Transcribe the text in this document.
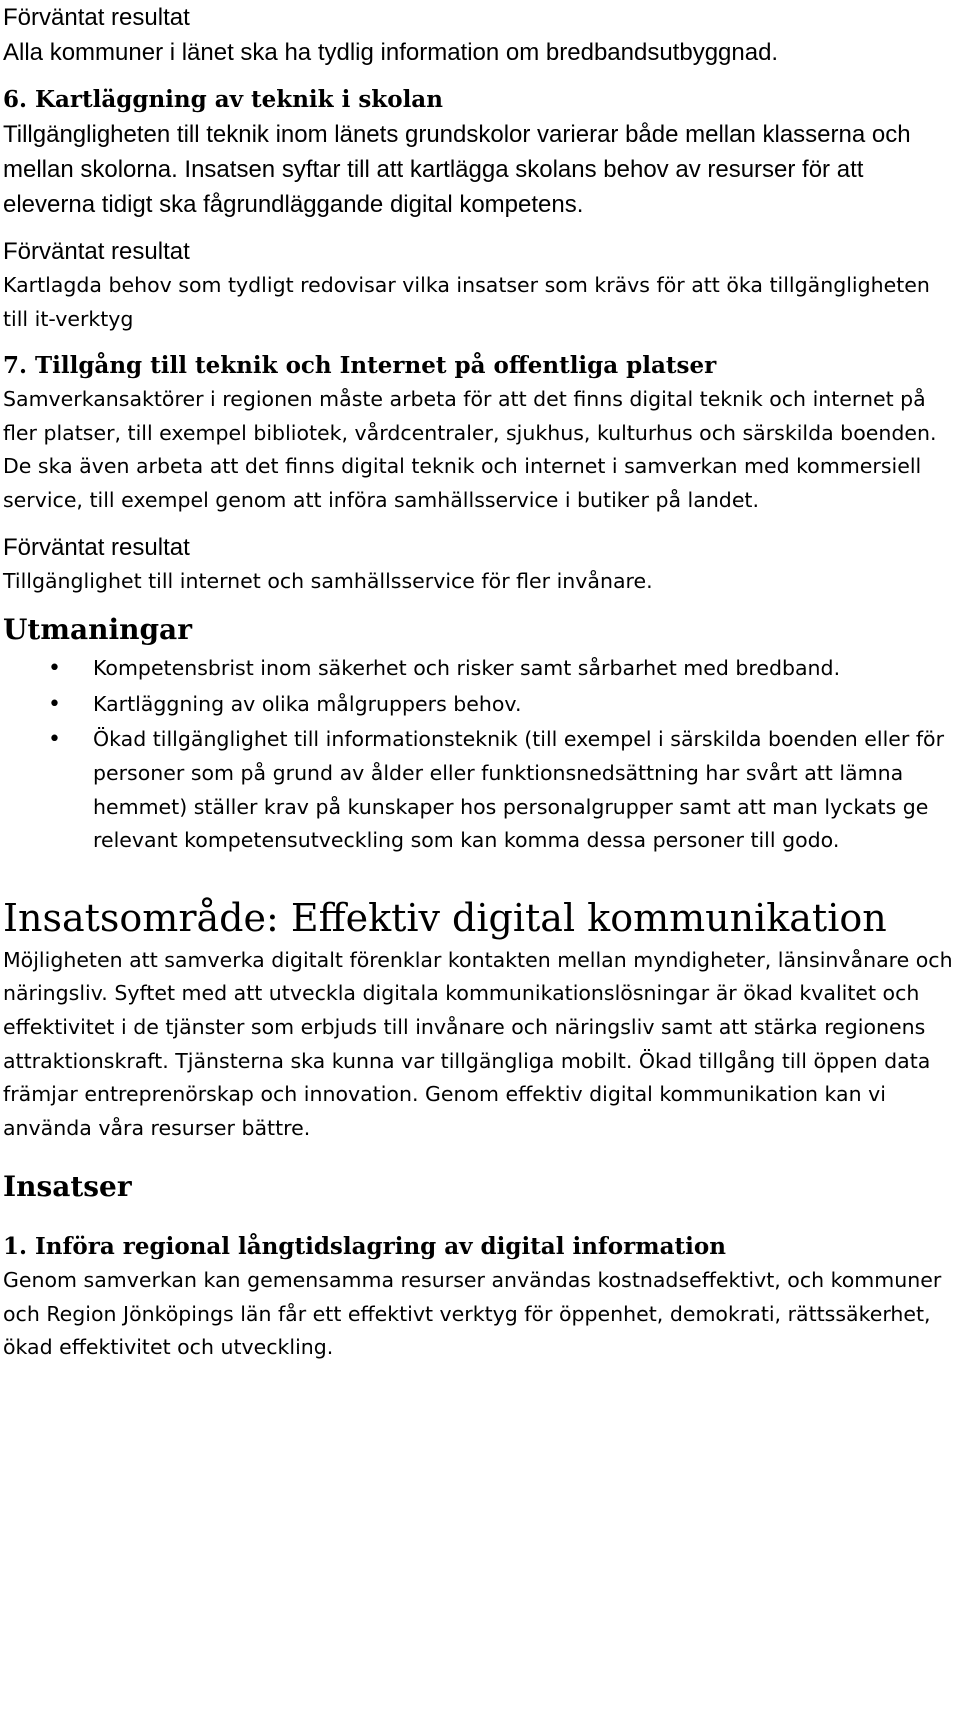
Förväntat resultat

Alla kommuner i länet ska ha tydlig information om bredbandsutbyggnad.

6. Kartläggning av teknik i skolan

Tillgängligheten till teknik inom länets grundskolor varierar både mellan klasserna och mellan skolorna. Insatsen syftar till att kartlägga skolans behov av resurser för att eleverna tidigt ska fågrundläggande digital kompetens.

Förväntat resultat

Kartlagda behov som tydligt redovisar vilka insatser som krävs för att öka tillgängligheten till it-verktyg

7. Tillgång till teknik och Internet på offentliga platser

Samverkansaktörer i regionen måste arbeta för att det finns digital teknik och internet på fler platser, till exempel bibliotek, vårdcentraler, sjukhus, kulturhus och särskilda boenden. De ska även arbeta att det finns digital teknik och internet i samverkan med kommersiell service, till exempel genom att införa samhällsservice i butiker på landet.

Förväntat resultat

Tillgänglighet till internet och samhällsservice för fler invånare.

Utmaningar
• Kompetensbrist inom säkerhet och risker samt sårbarhet med bredband.
• Kartläggning av olika målgruppers behov.
• Ökad tillgänglighet till informationsteknik (till exempel i särskilda boenden eller för personer som på grund av ålder eller funktionsnedsättning har svårt att lämna hemmet) ställer krav på kunskaper hos personalgrupper samt att man lyckats ge relevant kompetensutveckling som kan komma dessa personer till godo.
Insatsområde: Effektiv digital kommunikation

Möjligheten att samverka digitalt förenklar kontakten mellan myndigheter, länsinvånare och näringsliv. Syftet med att utveckla digitala kommunikationslösningar är ökad kvalitet och effektivitet i de tjänster som erbjuds till invånare och näringsliv samt att stärka regionens attraktionskraft. Tjänsterna ska kunna var tillgängliga mobilt. Ökad tillgång till öppen data främjar entreprenörskap och innovation. Genom effektiv digital kommunikation kan vi använda våra resurser bättre.

Insatser
1. Införa regional långtidslagring av digital information

Genom samverkan kan gemensamma resurser användas kostnadseffektivt, och kommuner och Region Jönköpings län får ett effektivt verktyg för öppenhet, demokrati, rättssäkerhet, ökad effektivitet och utveckling.
